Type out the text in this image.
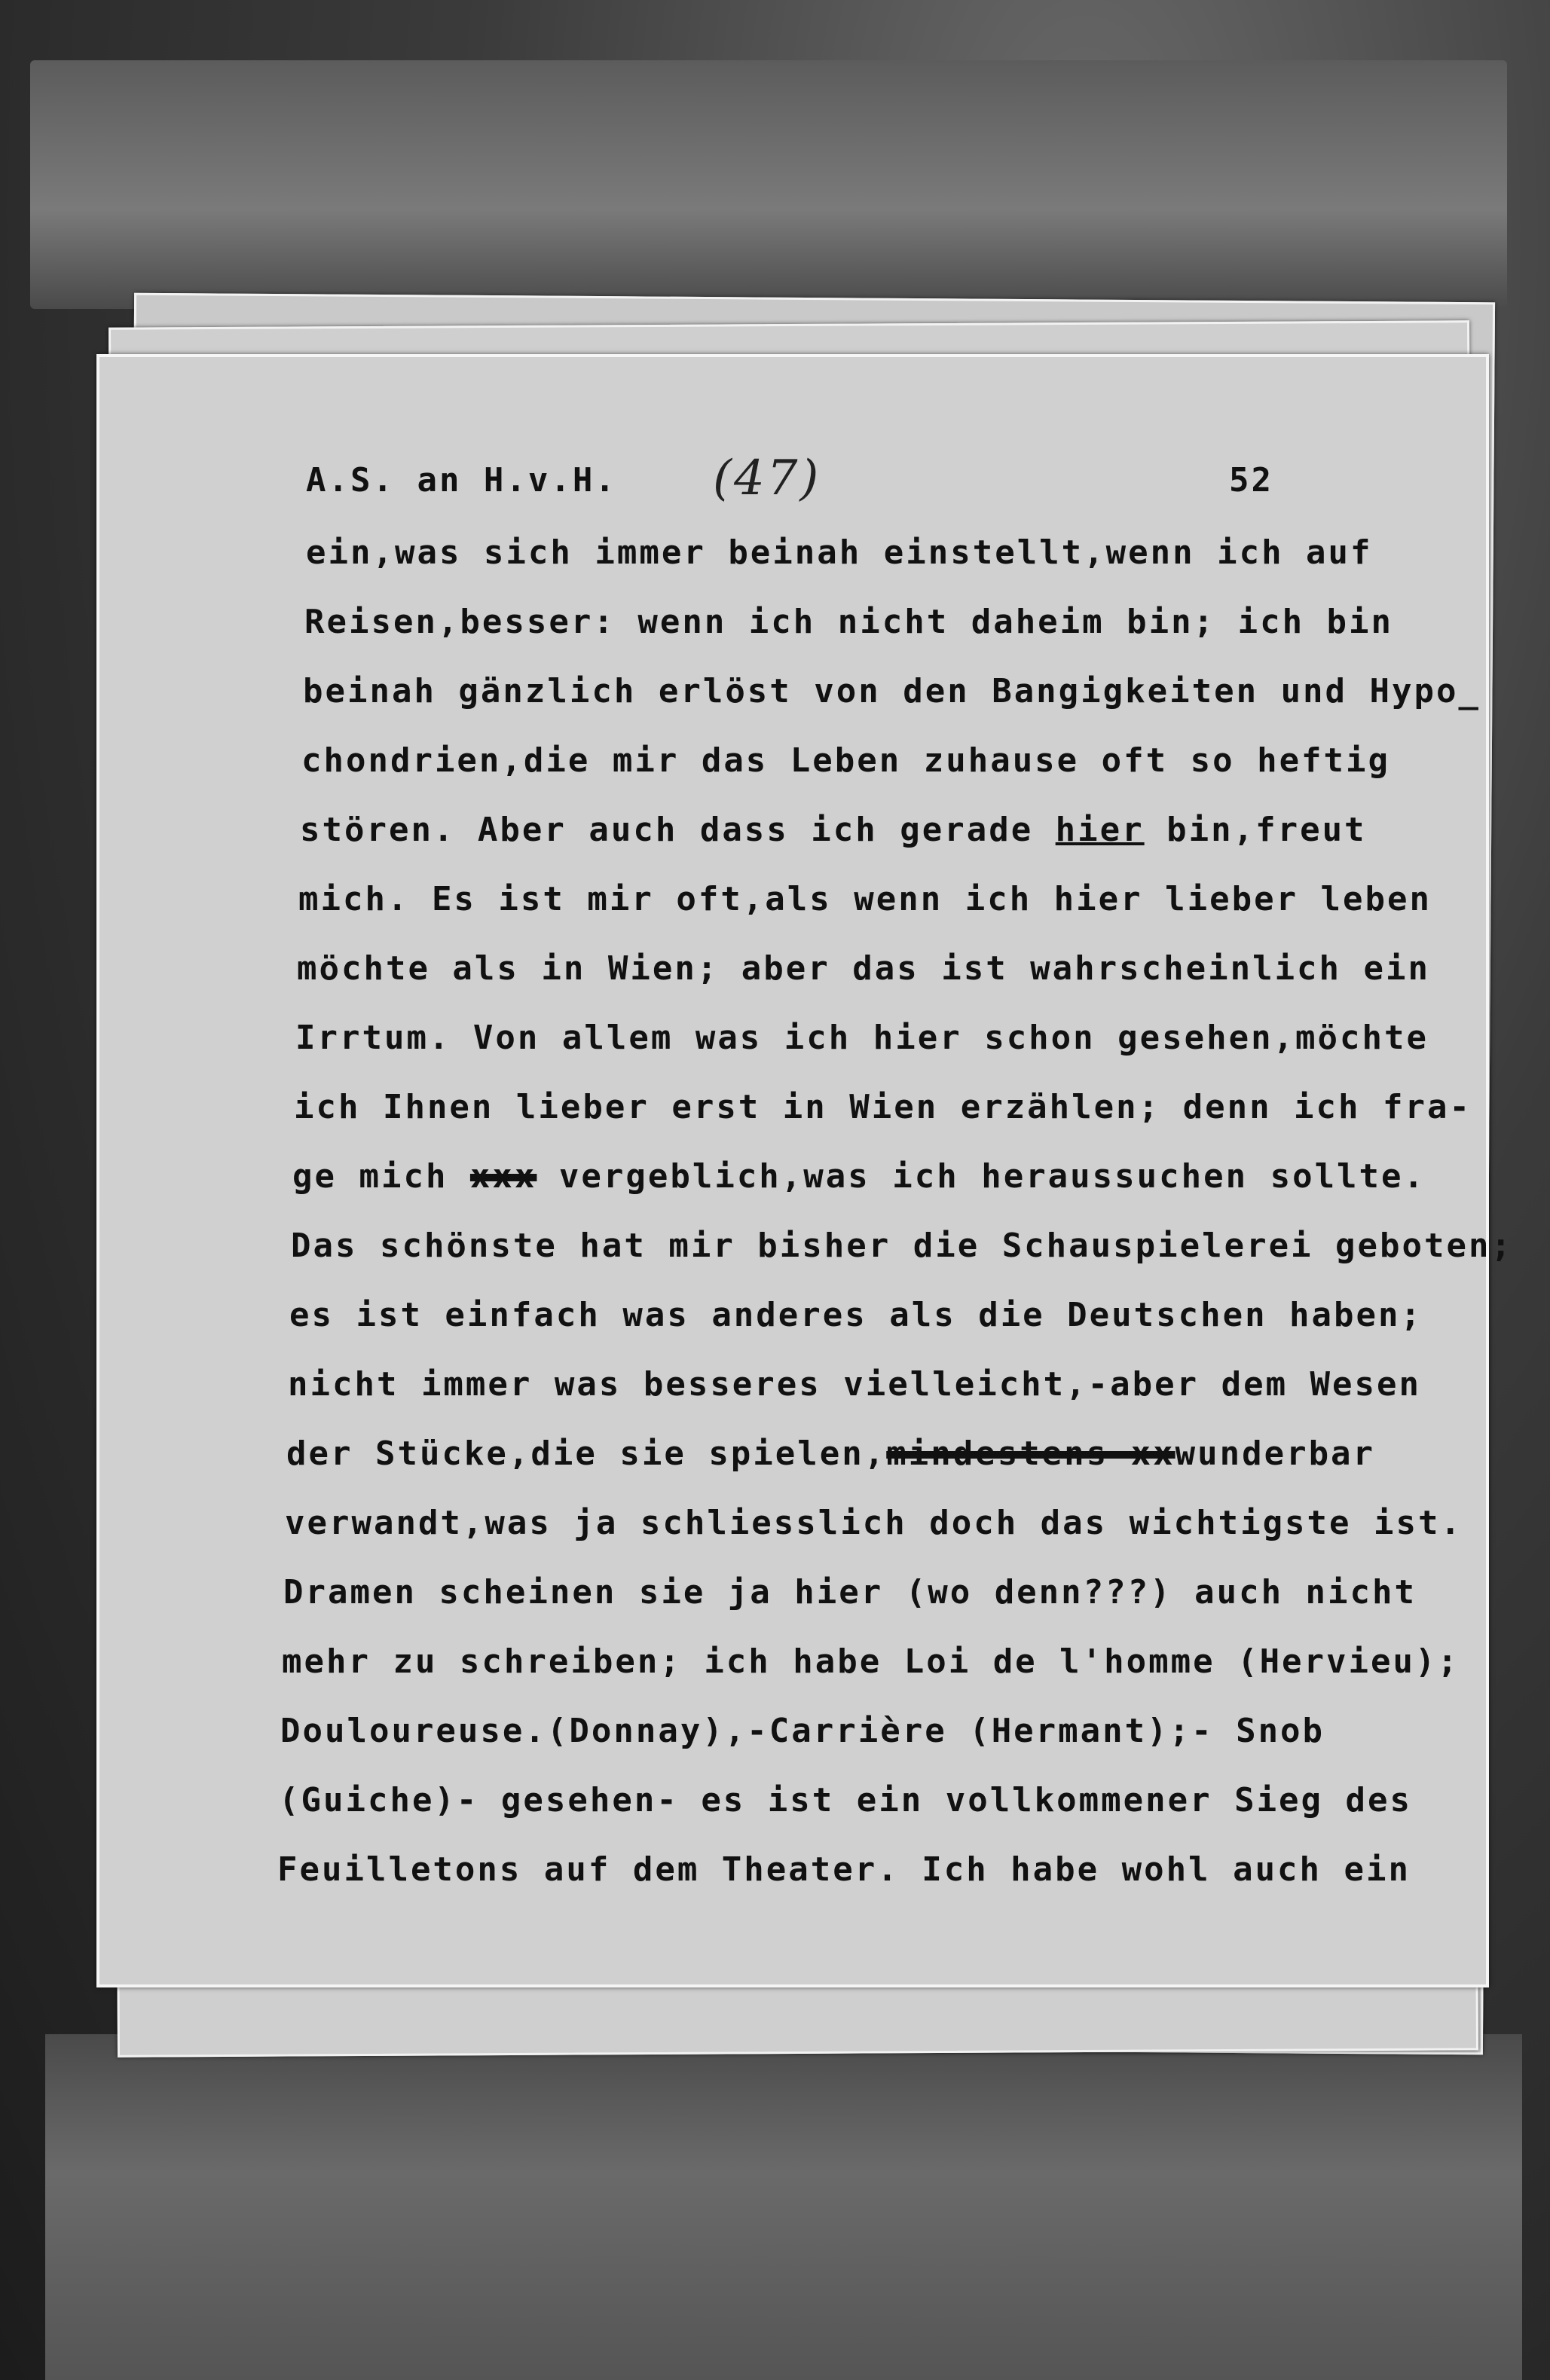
A.S. an H.v.H. (47)	52
ein,was sich immer beinah einstellt,wenn ich auf
Reisen,besser: wenn ich nicht daheim bin; ich bin
beinah gänzlich erlöst von den Bangigkeiten und Hypo_
chondrien,die mir das Leben zuhause oft so heftig
stören. Aber auch dass ich gerade hier bin,freut
mich. Es ist mir oft,als wenn ich hier lieber leben
möchte als in Wien; aber das ist wahrscheinlich ein
Irrtum. Von allem was ich hier schon gesehen,möchte
ich Ihnen lieber erst in Wien erzählen; denn ich fra-
ge mich xxx vergeblich,was ich heraussuchen sollte.
Das schönste hat mir bisher die Schauspielerei geboten;
es ist einfach was anderes als die Deutschen haben;
nicht immer was besseres vielleicht,-aber dem Wesen
der Stücke,die sie spielen,mindestens xxwunderbar
verwandt,was ja schliesslich doch das wichtigste ist.
Dramen scheinen sie ja hier (wo denn???) auch nicht
mehr zu schreiben; ich habe Loi de l'homme (Hervieu);
Douloureuse.(Donnay),-Carrière (Hermant);- Snob
(Guiche)- gesehen- es ist ein vollkommener Sieg des
Feuilletons auf dem Theater. Ich habe wohl auch ein
